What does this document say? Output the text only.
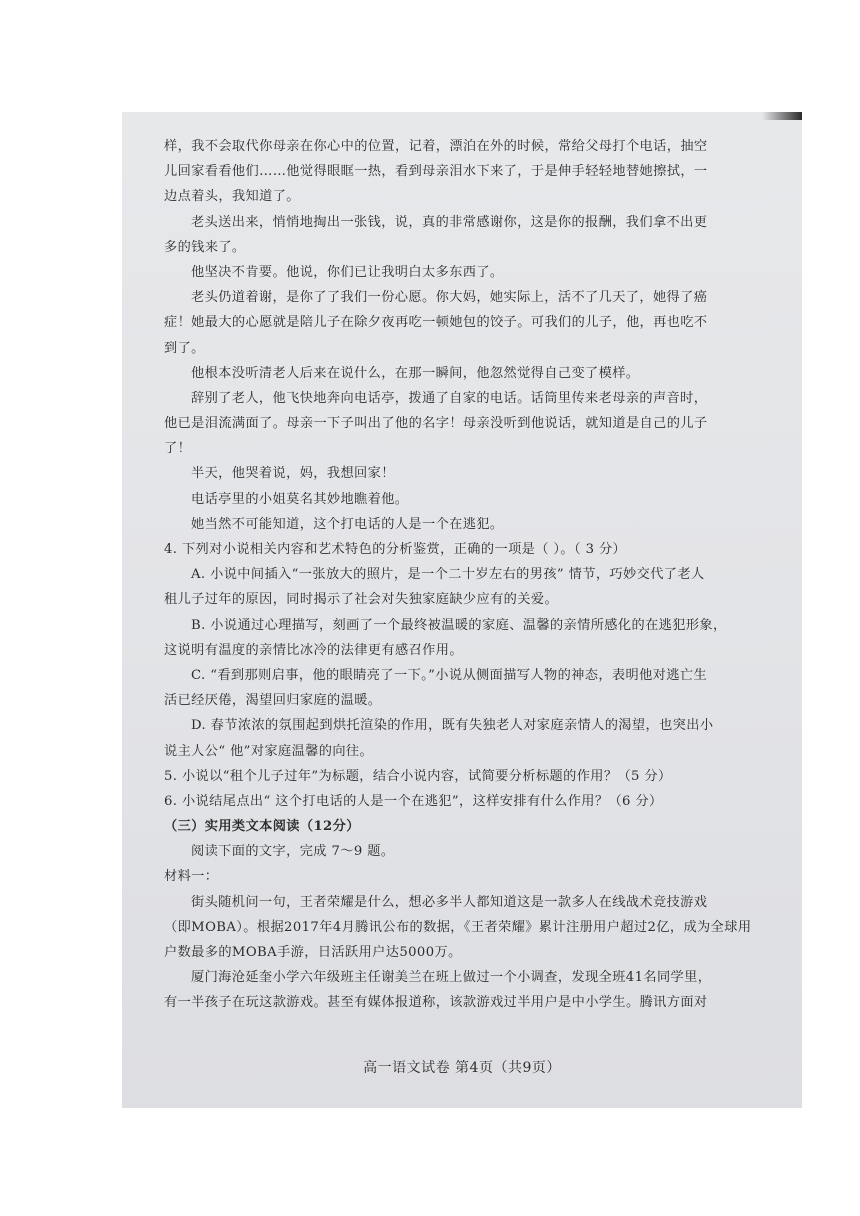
样，我不会取代你母亲在你心中的位置，记着，漂泊在外的时候，常给父母打个电话，抽空
儿回家看看他们……他觉得眼眶一热，看到母亲泪水下来了，于是伸手轻轻地替她擦拭，一
边点着头，我知道了。
老头送出来，悄悄地掏出一张钱，说，真的非常感谢你，这是你的报酬，我们拿不出更
多的钱来了。
他坚决不肯要。他说，你们已让我明白太多东西了。
老头仍道着谢，是你了了我们一份心愿。你大妈，她实际上，活不了几天了，她得了癌
症！她最大的心愿就是陪儿子在除夕夜再吃一顿她包的饺子。可我们的儿子，他，再也吃不
到了。
他根本没听清老人后来在说什么，在那一瞬间，他忽然觉得自己变了模样。
辞别了老人，他飞快地奔向电话亭，拨通了自家的电话。话筒里传来老母亲的声音时，
他已是泪流满面了。母亲一下子叫出了他的名字！母亲没听到他说话，就知道是自己的儿子
了！
半天，他哭着说，妈，我想回家！
电话亭里的小姐莫名其妙地瞧着他。
她当然不可能知道，这个打电话的人是一个在逃犯。
4. 下列对小说相关内容和艺术特色的分析鉴赏，正确的一项是（ ）。（ 3 分）
A. 小说中间插入“一张放大的照片，是一个二十岁左右的男孩” 情节，巧妙交代了老人
租儿子过年的原因，同时揭示了社会对失独家庭缺少应有的关爱。
B. 小说通过心理描写，刻画了一个最终被温暖的家庭、温馨的亲情所感化的在逃犯形象，
这说明有温度的亲情比冰冷的法律更有感召作用。
C. “看到那则启事，他的眼睛亮了一下。”小说从侧面描写人物的神态，表明他对逃亡生
活已经厌倦，渴望回归家庭的温暖。
D. 春节浓浓的氛围起到烘托渲染的作用，既有失独老人对家庭亲情人的渴望，也突出小
说主人公“ 他”对家庭温馨的向往。
5. 小说以“租个儿子过年”为标题，结合小说内容，试简要分析标题的作用？（5 分）
6. 小说结尾点出“ 这个打电话的人是一个在逃犯”，这样安排有什么作用？（6 分）
（三）实用类文本阅读（12分）
阅读下面的文字，完成 7～9 题。
材料一：
街头随机问一句，王者荣耀是什么，想必多半人都知道这是一款多人在线战术竞技游戏
（即MOBA）。根据2017年4月腾讯公布的数据，《王者荣耀》累计注册用户超过2亿，成为全球用
户数最多的MOBA手游，日活跃用户达5000万。
厦门海沧延奎小学六年级班主任谢美兰在班上做过一个小调查，发现全班41名同学里，
有一半孩子在玩这款游戏。甚至有媒体报道称，该款游戏过半用户是中小学生。腾讯方面对
高一语文试卷 第4页（共9页）
